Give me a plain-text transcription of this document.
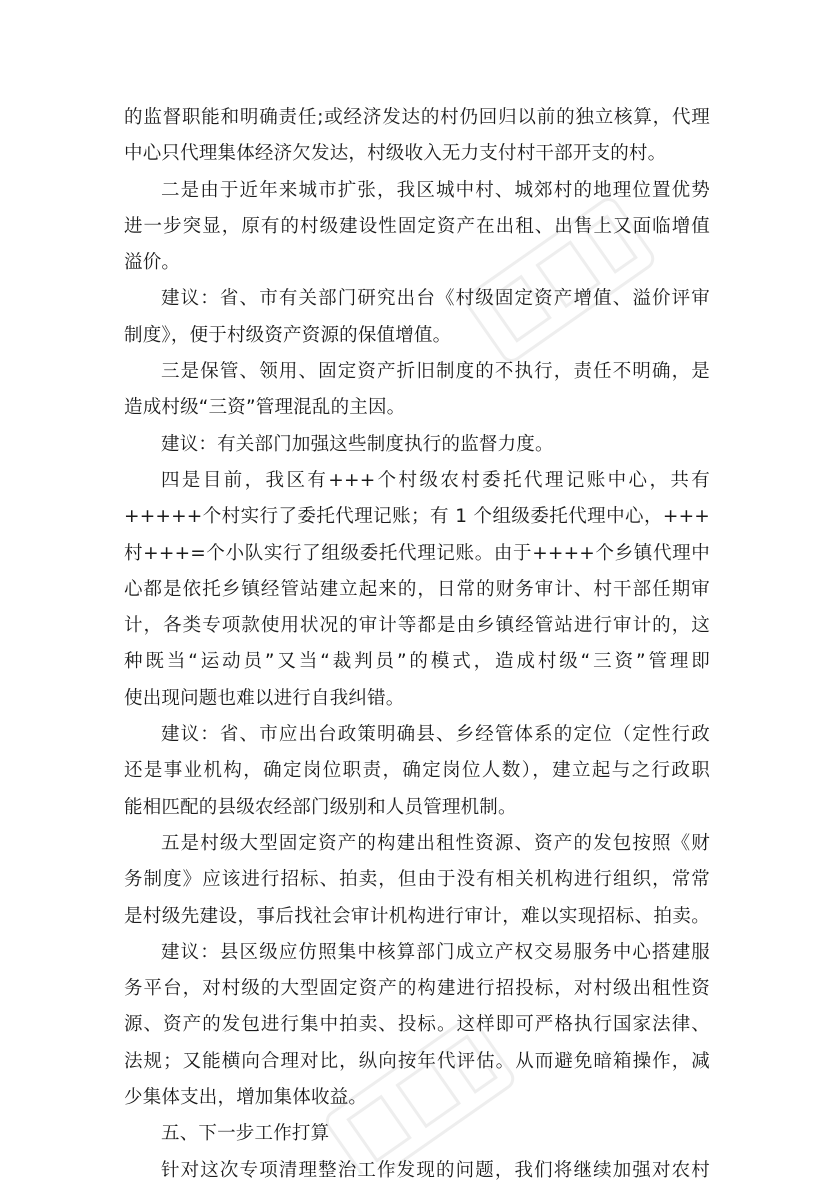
的监督职能和明确责任;或经济发达的村仍回归以前的独立核算，代理
中心只代理集体经济欠发达，村级收入无力支付村干部开支的村。
二是由于近年来城市扩张，我区城中村、城郊村的地理位置优势
进一步突显，原有的村级建设性固定资产在出租、出售上又面临增值
溢价。
建议：省、市有关部门研究出台《村级固定资产增值、溢价评审
制度》，便于村级资产资源的保值增值。
三是保管、领用、固定资产折旧制度的不执行，责任不明确，是
造成村级“三资”管理混乱的主因。
建议：有关部门加强这些制度执行的监督力度。
四是目前，我区有+++个村级农村委托代理记账中心，共有
+++++个村实行了委托代理记账；有 1 个组级委托代理中心，+++
村+++=个小队实行了组级委托代理记账。由于++++个乡镇代理中
心都是依托乡镇经管站建立起来的，日常的财务审计、村干部任期审
计，各类专项款使用状况的审计等都是由乡镇经管站进行审计的，这
种既当“运动员”又当“裁判员”的模式，造成村级“三资”管理即
使出现问题也难以进行自我纠错。
建议：省、市应出台政策明确县、乡经管体系的定位（定性行政
还是事业机构，确定岗位职责，确定岗位人数），建立起与之行政职
能相匹配的县级农经部门级别和人员管理机制。
五是村级大型固定资产的构建出租性资源、资产的发包按照《财
务制度》应该进行招标、拍卖，但由于没有相关机构进行组织，常常
是村级先建设，事后找社会审计机构进行审计，难以实现招标、拍卖。
建议：县区级应仿照集中核算部门成立产权交易服务中心搭建服
务平台，对村级的大型固定资产的构建进行招投标，对村级出租性资
源、资产的发包进行集中拍卖、投标。这样即可严格执行国家法律、
法规；又能横向合理对比，纵向按年代评估。从而避免暗箱操作，减
少集体支出，增加集体收益。
五、下一步工作打算
针对这次专项清理整治工作发现的问题，我们将继续加强对农村
